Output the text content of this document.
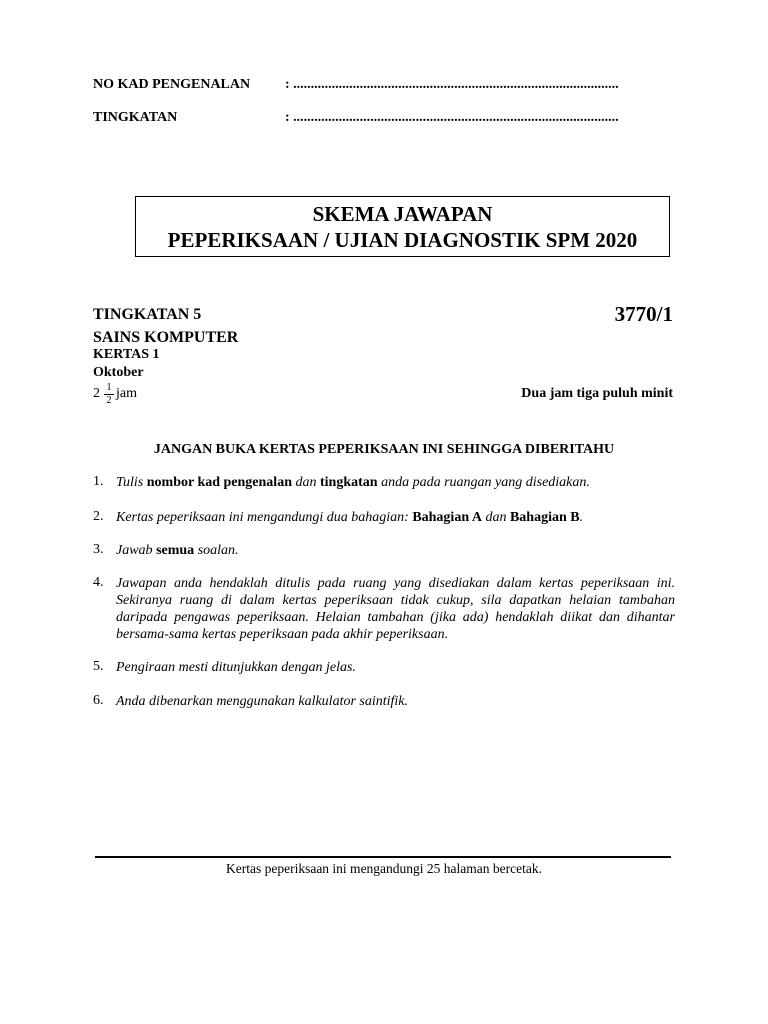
NO KAD PENGENALAN : .............................................................................................
TINGKATAN	: .............................................................................................
SKEMA JAWAPAN
PEPERIKSAAN / UJIAN DIAGNOSTIK SPM 2020
TINGKATAN 5	3770/1
SAINS KOMPUTER
KERTAS 1
Oktober
2 1
2 jam	Dua jam tiga puluh minit
JANGAN BUKA KERTAS PEPERIKSAAN INI SEHINGGA DIBERITAHU
1. Tulis nombor kad pengenalan dan tingkatan anda pada ruangan yang disediakan.
2. Kertas peperiksaan ini mengandungi dua bahagian: Bahagian A dan Bahagian B.
3. Jawab semua soalan.
4. Jawapan anda hendaklah ditulis pada ruang yang disediakan dalam kertas peperiksaan ini. Sekiranya ruang di dalam kertas peperiksaan tidak cukup, sila dapatkan helaian tambahan daripada pengawas peperiksaan. Helaian tambahan (jika ada) hendaklah diikat dan dihantar bersama-sama kertas peperiksaan pada akhir peperiksaan.
5. Pengiraan mesti ditunjukkan dengan jelas.
6. Anda dibenarkan menggunakan kalkulator saintifik.
Kertas peperiksaan ini mengandungi 25 halaman bercetak.
